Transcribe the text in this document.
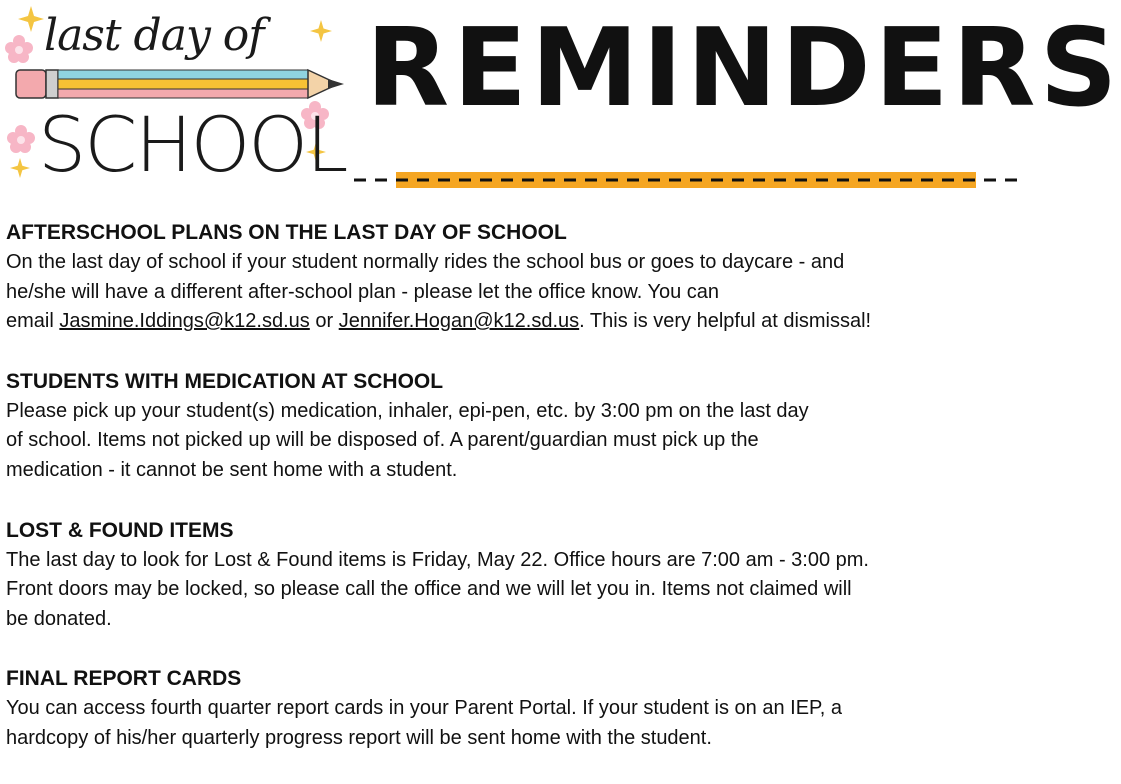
last day of
SCHOOL
REMINDERS

AFTERSCHOOL PLANS ON THE LAST DAY OF SCHOOL

On the last day of school if your student normally rides the school bus or goes to daycare - and

he/she will have a different after-school plan - please let the office know. You can

email Jasmine.Iddings@k12.sd.us or Jennifer.Hogan@k12.sd.us. This is very helpful at dismissal!

STUDENTS WITH MEDICATION AT SCHOOL

Please pick up your student(s) medication, inhaler, epi-pen, etc. by 3:00 pm on the last day

of school. Items not picked up will be disposed of. A parent/guardian must pick up the

medication - it cannot be sent home with a student.

LOST & FOUND ITEMS

The last day to look for Lost & Found items is Friday, May 22. Office hours are 7:00 am - 3:00 pm.

Front doors may be locked, so please call the office and we will let you in. Items not claimed will

be donated.

FINAL REPORT CARDS

You can access fourth quarter report cards in your Parent Portal. If your student is on an IEP, a

hardcopy of his/her quarterly progress report will be sent home with the student.
